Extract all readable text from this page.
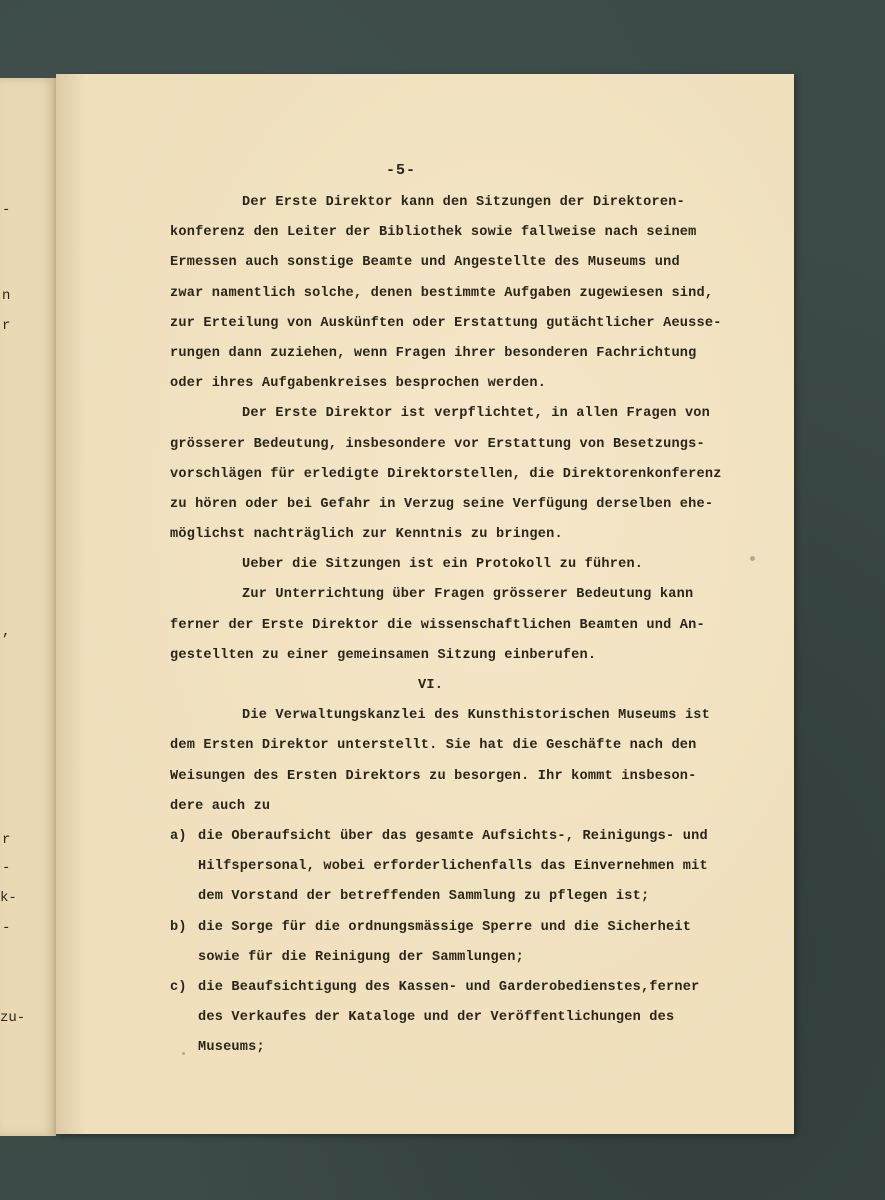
-
n
r
,
r
-
k-
-
zu-
-5-
Der Erste Direktor kann den Sitzungen der Direktoren-
konferenz den Leiter der Bibliothek sowie fallweise nach seinem
Ermessen auch sonstige Beamte und Angestellte des Museums und
zwar namentlich solche, denen bestimmte Aufgaben zugewiesen sind,
zur Erteilung von Auskünften oder Erstattung gutächtlicher Aeusse-
rungen dann zuziehen, wenn Fragen ihrer besonderen Fachrichtung
oder ihres Aufgabenkreises besprochen werden.
Der Erste Direktor ist verpflichtet, in allen Fragen von
grösserer Bedeutung, insbesondere vor Erstattung von Besetzungs-
vorschlägen für erledigte Direktorstellen, die Direktorenkonferenz
zu hören oder bei Gefahr in Verzug seine Verfügung derselben ehe-
möglichst nachträglich zur Kenntnis zu bringen.
Ueber die Sitzungen ist ein Protokoll zu führen.
Zur Unterrichtung über Fragen grösserer Bedeutung kann
ferner der Erste Direktor die wissenschaftlichen Beamten und An-
gestellten zu einer gemeinsamen Sitzung einberufen.
VI.
Die Verwaltungskanzlei des Kunsthistorischen Museums ist
dem Ersten Direktor unterstellt. Sie hat die Geschäfte nach den
Weisungen des Ersten Direktors zu besorgen. Ihr kommt insbeson-
dere auch zu
a) die Oberaufsicht über das gesamte Aufsichts-, Reinigungs- und
Hilfspersonal, wobei erforderlichenfalls das Einvernehmen mit
dem Vorstand der betreffenden Sammlung zu pflegen ist;
b) die Sorge für die ordnungsmässige Sperre und die Sicherheit
sowie für die Reinigung der Sammlungen;
c) die Beaufsichtigung des Kassen- und Garderobedienstes,ferner
des Verkaufes der Kataloge und der Veröffentlichungen des
Museums;
